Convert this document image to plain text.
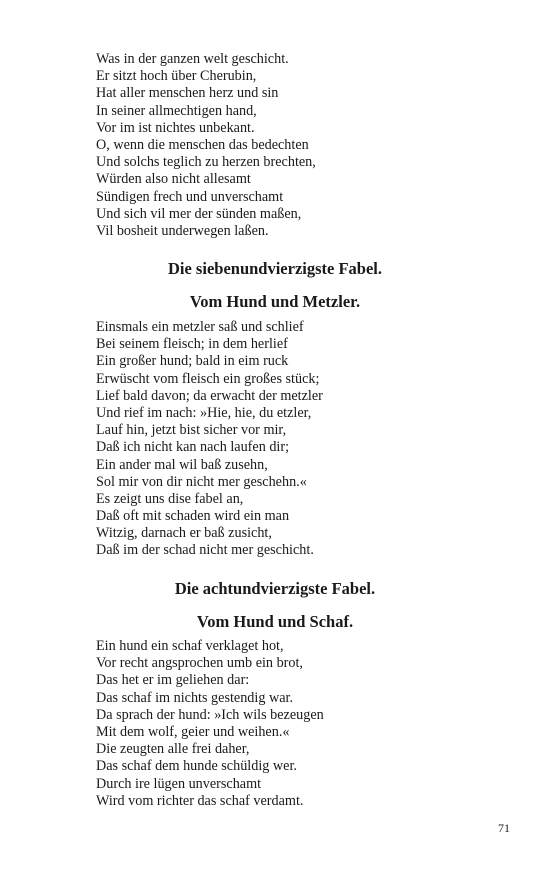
Was in der ganzen welt geschicht.
Er sitzt hoch über Cherubin,
Hat aller menschen herz und sin
In seiner allmechtigen hand,
Vor im ist nichtes unbekant.
O, wenn die menschen das bedechten
Und solchs teglich zu herzen brechten,
Würden also nicht allesamt
Sündigen frech und unverschamt
Und sich vil mer der sünden maßen,
Vil bosheit underwegen laßen.
Die siebenundvierzigste Fabel.
Vom Hund und Metzler.
Einsmals ein metzler saß und schlief
Bei seinem fleisch; in dem herlief
Ein großer hund; bald in eim ruck
Erwüscht vom fleisch ein großes stück;
Lief bald davon; da erwacht der metzler
Und rief im nach: »Hie, hie, du etzler,
Lauf hin, jetzt bist sicher vor mir,
Daß ich nicht kan nach laufen dir;
Ein ander mal wil baß zusehn,
Sol mir von dir nicht mer geschehn.«
Es zeigt uns dise fabel an,
Daß oft mit schaden wird ein man
Witzig, darnach er baß zusicht,
Daß im der schad nicht mer geschicht.
Die achtundvierzigste Fabel.
Vom Hund und Schaf.
Ein hund ein schaf verklaget hot,
Vor recht angsprochen umb ein brot,
Das het er im geliehen dar:
Das schaf im nichts gestendig war.
Da sprach der hund: »Ich wils bezeugen
Mit dem wolf, geier und weihen.«
Die zeugten alle frei daher,
Das schaf dem hunde schüldig wer.
Durch ire lügen unverschamt
Wird vom richter das schaf verdamt.
71
